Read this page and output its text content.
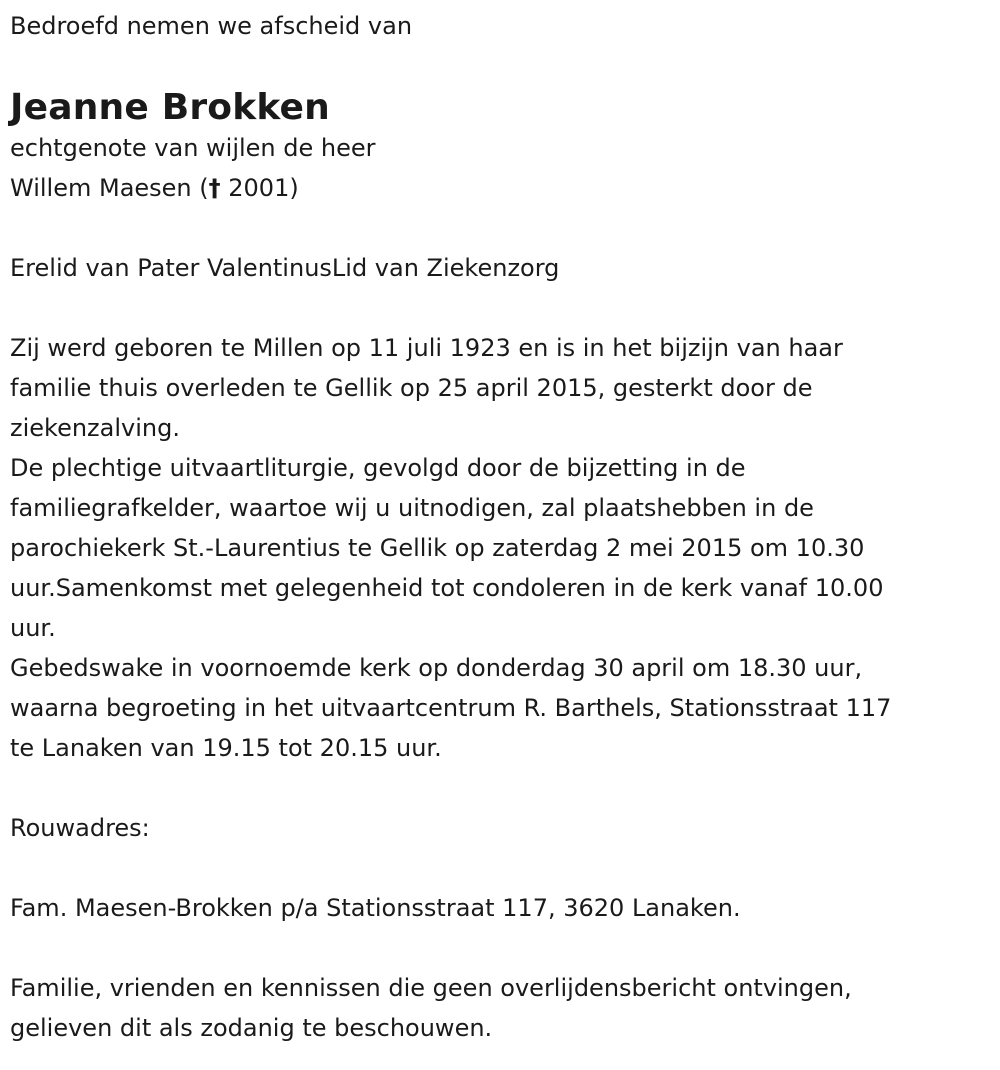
Bedroefd nemen we afscheid van

Jeanne Brokken

echtgenote van wijlen de heer

Willem Maesen († 2001)

Erelid van Pater ValentinusLid van Ziekenzorg

Zij werd geboren te Millen op 11 juli 1923 en is in het bijzijn van haar

familie thuis overleden te Gellik op 25 april 2015, gesterkt door de

ziekenzalving.

De plechtige uitvaartliturgie, gevolgd door de bijzetting in de

familiegrafkelder, waartoe wij u uitnodigen, zal plaatshebben in de

parochiekerk St.-Laurentius te Gellik op zaterdag 2 mei 2015 om 10.30

uur.Samenkomst met gelegenheid tot condoleren in de kerk vanaf 10.00

uur.

Gebedswake in voornoemde kerk op donderdag 30 april om 18.30 uur,

waarna begroeting in het uitvaartcentrum R. Barthels, Stationsstraat 117

te Lanaken van 19.15 tot 20.15 uur.

Rouwadres:

Fam. Maesen-Brokken p/a Stationsstraat 117, 3620 Lanaken.

Familie, vrienden en kennissen die geen overlijdensbericht ontvingen,

gelieven dit als zodanig te beschouwen.
